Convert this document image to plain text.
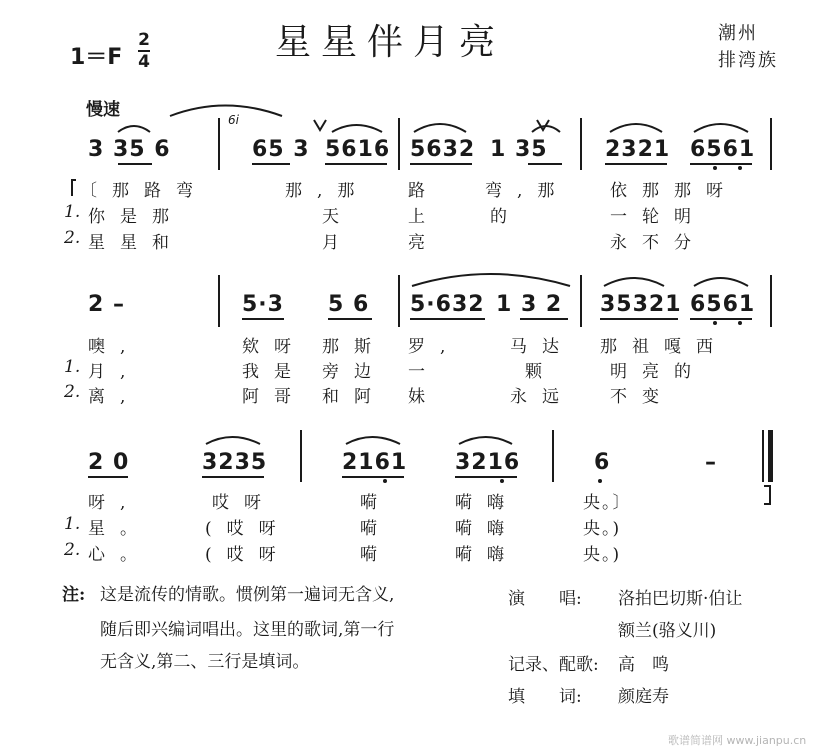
1＝F
2
4	星星伴月亮	潮州
排湾族
慢速
3 35 6
6i
65 3 5616 5632 1 35	2321 6561
〔那路弯	那,那 路	弯,那 依那那呀
1. 你是那	天	上	的	一轮明
2. 星星和	月	亮	永不分
2 –	5·3 5 6 5·632 1 3 2 35321 6561
噢,	欸呀 那斯 罗,	马达 那祖嘎西
1. 月,	我是 旁边 一	颗	明亮的
2. 离,	阿哥 和阿 妹	永远 不变
2 0	3235	2161 3216	6	–
呀,	哎呀	嗬	嗬嗨	央。〕
1. 星。	(哎呀	嗬	嗬嗨	央。)
2. 心。	(哎呀	嗬	嗬嗨	央。)
注: 这是流传的情歌。惯例第一遍词无含义,
随后即兴编词唱出。这里的歌词,第一行
无含义,第二、三行是填词。
演　　唱: 洛拍巴切斯·伯让
额兰(骆义川)
记录、配歌: 高　鸣
填　　词: 颜庭寿
歌谱简谱网 www.jianpu.cn
